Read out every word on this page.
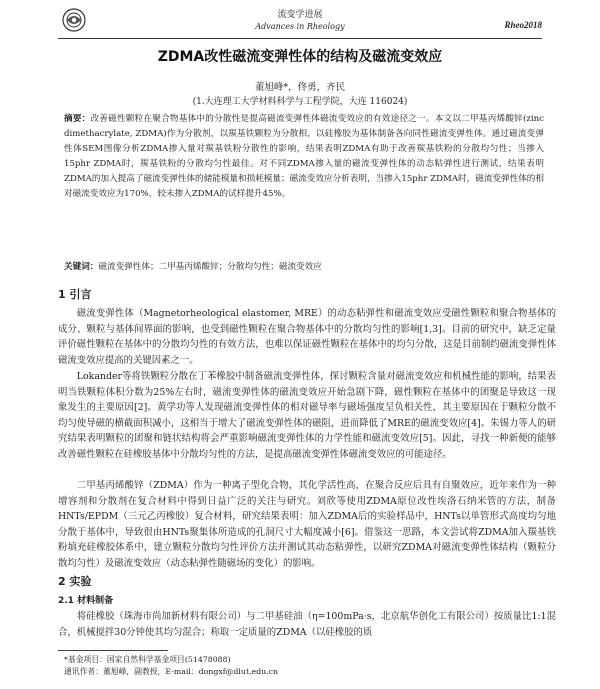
流变学进展
Advances in Rheology	Rheo2018
ZDMA改性磁流变弹性体的结构及磁流变效应
董旭峰*，佟勇，齐民
(1.大连理工大学材料科学与工程学院，大连 116024)
摘要：改善磁性颗粒在聚合物基体中的分散性是提高磁流变弹性体磁流变效应的有效途径之一。本文以二甲基丙烯酸锌(zinc dimethacrylate, ZDMA)作为分散剂，以羰基铁颗粒为分散相，以硅橡胶为基体制备各向同性磁流变弹性体。通过磁流变弹性体SEM图像分析ZDMA掺入量对羰基铁粉分散性的影响，结果表明ZDMA有助于改善羰基铁粉的分散均匀性；当掺入15phr ZDMA时，羰基铁粉的分散均匀性最佳。对不同ZDMA掺入量的磁流变弹性体的动态粘弹性进行测试，结果表明ZDMA的加入提高了磁流变弹性体的储能模量和损耗模量；磁流变效应分析表明，当掺入15phr ZDMA时，磁流变弹性体的相对磁流变效应为170%，较未掺入ZDMA的试样提升45%。
关键词：磁流变弹性体；二甲基丙烯酸锌；分散均匀性；磁流变效应
1 引言
磁流变弹性体（Magnetorheological elastomer, MRE）的动态粘弹性和磁流变效应受磁性颗粒和聚合物基体的成分、颗粒与基体间界面的影响，也受到磁性颗粒在聚合物基体中的分散均匀性的影响[1,3]。目前的研究中，缺乏定量评价磁性颗粒在基体中的分散均匀性的有效方法，也难以保证磁性颗粒在基体中的均匀分散，这是目前制约磁流变弹性体磁流变效应提高的关键因素之一。
Lokander等将铁颗粒分散在丁苯橡胶中制备磁流变弹性体，探讨颗粒含量对磁流变效应和机械性能的影响，结果表明当铁颗粒体积分数为25%左右时，磁流变弹性体的磁流变效应开始急剧下降，磁性颗粒在基体中的团聚是导致这一现象发生的主要原因[2]。黄学功等人发现磁流变弹性体的相对磁导率与磁场强度呈负相关性，其主要原因在于颗粒分散不均匀使导磁的横截面积减小，这相当于增大了磁流变弹性体的磁阻，进而降低了MRE的磁流变效应[4]。朱锡力等人的研究结果表明颗粒的团聚和链状结构将会严重影响磁流变弹性体的力学性能和磁流变效应[5]。因此，寻找一种新便的能够改善磁性颗粒在硅橡胶基体中分散均匀性的方法，是提高磁流变弹性体磁流变效应的可能途径。
二甲基丙烯酸锌（ZDMA）作为一种离子型化合物，其化学活性高，在聚合反应后具有自聚效应，近年来作为一种增容剂和分散剂在复合材料中得到日益广泛的关注与研究。刘欣等使用ZDMA原位改性埃洛石纳米管的方法，制备HNTs/EPDM（三元乙丙橡胶）复合材料，研究结果表明：加入ZDMA后的实验样品中，HNTs以单管形式高度均匀地分散于基体中，导致很由HNTs聚集体所造成的孔洞尺寸大幅度减小[6]。借鉴这一思路，本文尝试将ZDMA加入羰基铁粉填充硅橡胶体系中，建立颗粒分散均匀性评价方法并测试其动态粘弹性，以研究ZDMA对磁流变弹性体结构（颗粒分散均匀性）及磁流变效应（动态粘弹性随磁场的变化）的影响。
2 实验
2.1 材料制备
将硅橡胶（珠海市尚加新材料有限公司）与二甲基硅油（η=100mPa·s，北京航华创化工有限公司）按质量比1:1混合，机械搅拌30分钟使其均匀混合；称取一定质量的ZDMA（以硅橡胶的质
*基金项目：国家自然科学基金项目(51478088)
通讯作者：董旭峰，副教授，E-mail：dongxf@dlut.edu.cn
